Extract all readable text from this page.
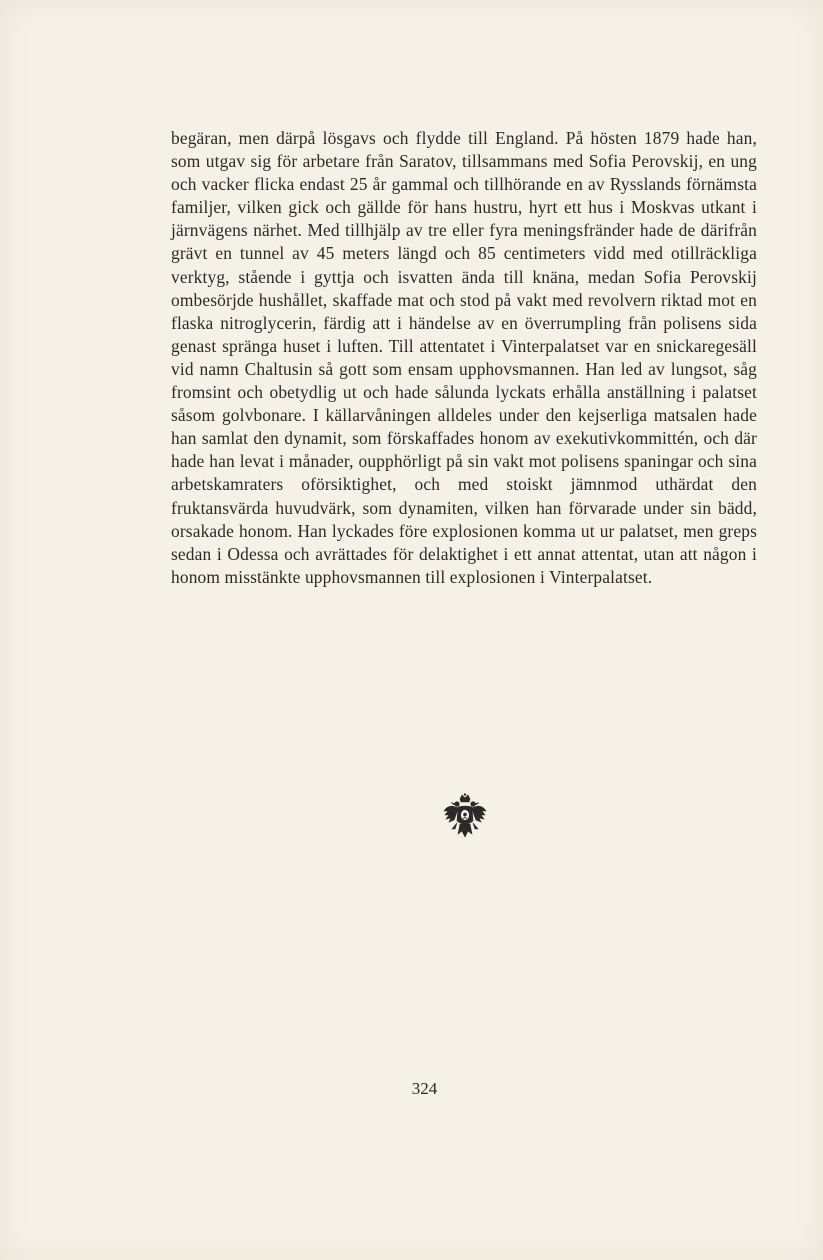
begäran, men därpå lösgavs och flydde till England. På hösten 1879 hade han, som utgav sig för arbetare från Saratov, tillsammans med Sofia Perovskij, en ung och vacker flicka endast 25 år gammal och tillhörande en av Rysslands förnämsta familjer, vilken gick och gällde för hans hustru, hyrt ett hus i Moskvas utkant i järnvägens närhet. Med tillhjälp av tre eller fyra meningsfränder hade de därifrån grävt en tunnel av 45 meters längd och 85 centimeters vidd med otillräckliga verktyg, stående i gyttja och isvatten ända till knäna, medan Sofia Perovskij ombesörjde hushållet, skaffade mat och stod på vakt med revolvern riktad mot en flaska nitroglycerin, färdig att i händelse av en överrumpling från polisens sida genast spränga huset i luften. Till attentatet i Vinterpalatset var en snickaregesäll vid namn Chaltusin så gott som ensam upphovsmannen. Han led av lungsot, såg fromsint och obetydlig ut och hade sålunda lyckats erhålla anställning i palatset såsom golvbonare. I källarvåningen alldeles under den kejserliga matsalen hade han samlat den dynamit, som förskaffades honom av exekutivkommittén, och där hade han levat i månader, oupphörligt på sin vakt mot polisens spaningar och sina arbetskamraters oförsiktighet, och med stoiskt jämnmod uthärdat den fruktansvärda huvudvärk, som dynamiten, vilken han förvarade under sin bädd, orsakade honom. Han lyckades före explosionen komma ut ur palatset, men greps sedan i Odessa och avrättades för delaktighet i ett annat attentat, utan att någon i honom misstänkte upphovsmannen till explosionen i Vinterpalatset.

324
